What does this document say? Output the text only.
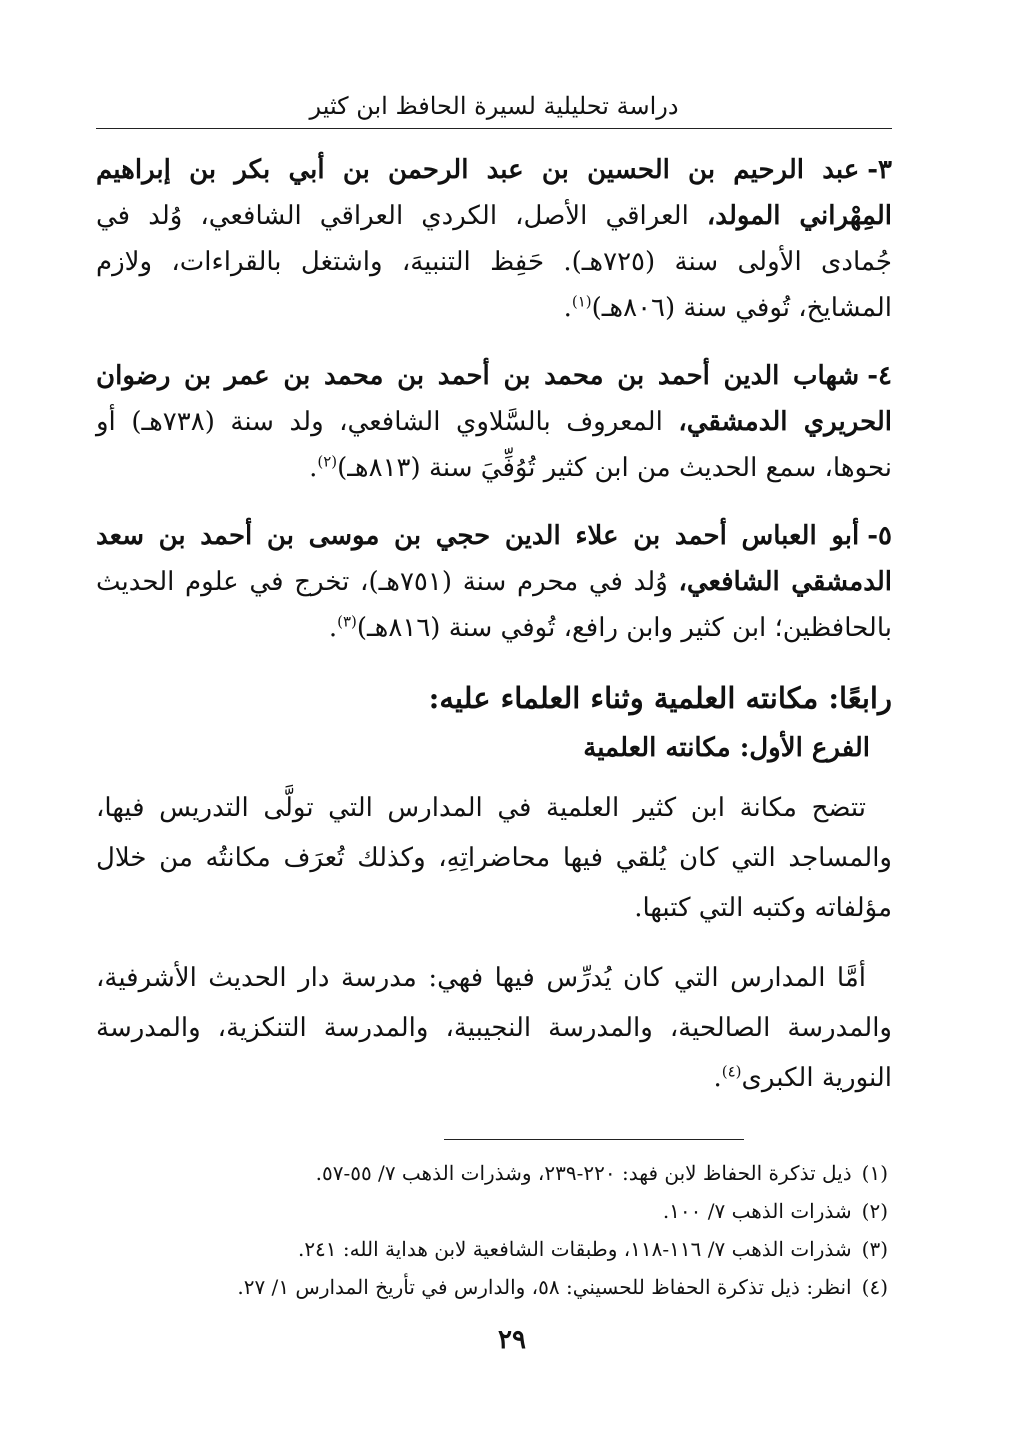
دراسة تحليلية لسيرة الحافظ ابن كثير

٣-عبد الرحيم بن الحسين بن عبد الرحمن بن أبي بكر بن إبراهيم المِهْراني المولد، العراقي الأصل، الكردي العراقي الشافعي، وُلد في جُمادى الأولى سنة (٧٢٥هـ). حَفِظ التنبيهَ، واشتغل بالقراءات، ولازم المشايخ، تُوفي سنة (٨٠٦هـ)$^{(١)}$.

٤-شهاب الدين أحمد بن محمد بن أحمد بن محمد بن عمر بن رضوان الحريري الدمشقي، المعروف بالسَّلاوي الشافعي، ولد سنة (٧٣٨هـ) أو نحوها، سمع الحديث من ابن كثير تُوُفِّيَ سنة (٨١٣هـ)$^{(٢)}$.

٥-أبو العباس أحمد بن علاء الدين حجي بن موسى بن أحمد بن سعد الدمشقي الشافعي، وُلد في محرم سنة (٧٥١هـ)، تخرج في علوم الحديث بالحافظين؛ ابن كثير وابن رافع، تُوفي سنة (٨١٦هـ)$^{(٣)}$.

رابعًا: مكانته العلمية وثناء العلماء عليه:
الفرع الأول: مكانته العلمية

تتضح مكانة ابن كثير العلمية في المدارس التي تولَّى التدريس فيها، والمساجد التي كان يُلقي فيها محاضراتِهِ، وكذلك تُعرَف مكانتُه من خلال مؤلفاته وكتبه التي كتبها.

أمَّا المدارس التي كان يُدرِّس فيها فهي: مدرسة دار الحديث الأشرفية، والمدرسة الصالحية، والمدرسة النجيبية، والمدرسة التنكزية، والمدرسة النورية الكبرى$^{(٤)}$.

(١)ذيل تذكرة الحفاظ لابن فهد: ٢٢٠-٢٣٩، وشذرات الذهب ٧/ ٥٥-٥٧.
(٢)شذرات الذهب ٧/ ١٠٠.
(٣)شذرات الذهب ٧/ ١١٦-١١٨، وطبقات الشافعية لابن هداية الله: ٢٤١.
(٤)انظر: ذيل تذكرة الحفاظ للحسيني: ٥٨، والدارس في تأريخ المدارس ١/ ٢٧.
٢٩
